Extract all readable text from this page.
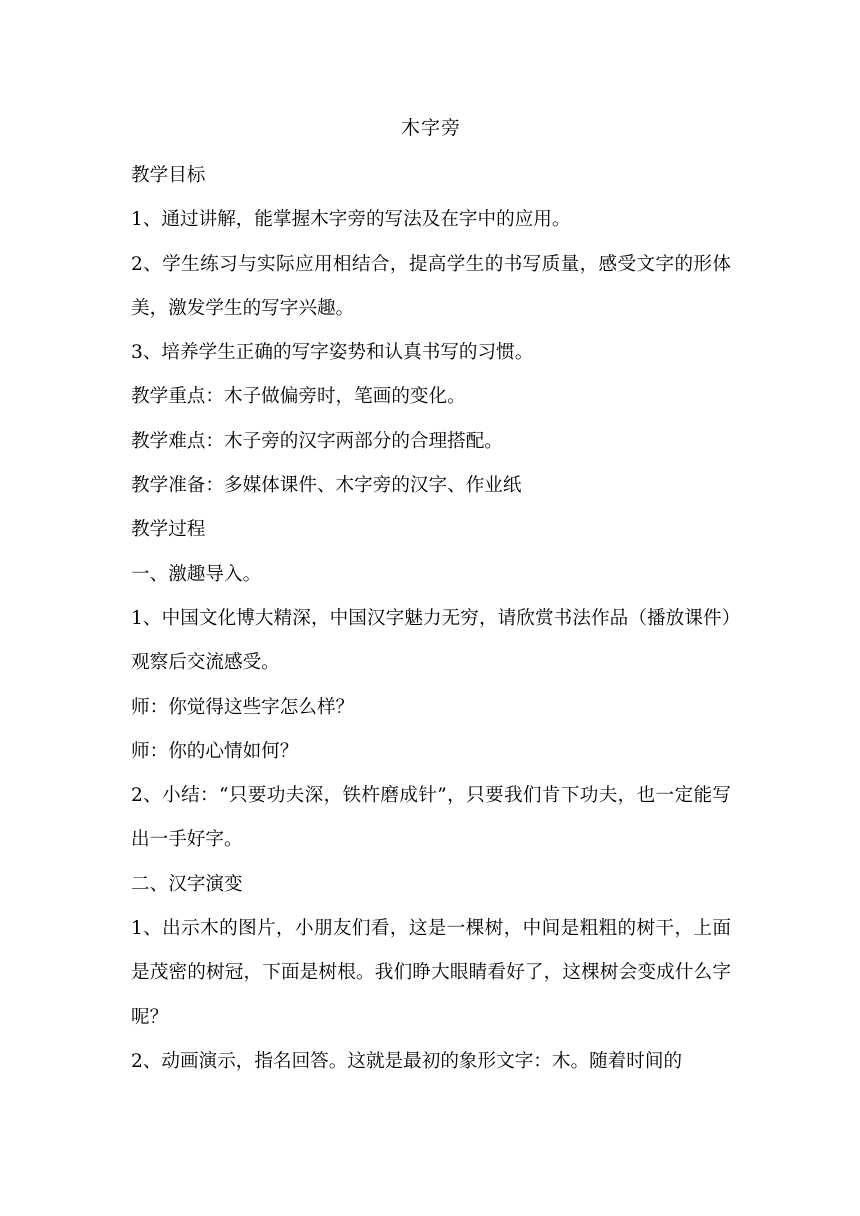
木字旁

教学目标

1、通过讲解，能掌握木字旁的写法及在字中的应用。

2、学生练习与实际应用相结合，提高学生的书写质量，感受文字的形体美，激发学生的写字兴趣。

3、培养学生正确的写字姿势和认真书写的习惯。

教学重点：木子做偏旁时，笔画的变化。

教学难点：木子旁的汉字两部分的合理搭配。

教学准备：多媒体课件、木字旁的汉字、作业纸

教学过程

一、激趣导入。

1、中国文化博大精深，中国汉字魅力无穷，请欣赏书法作品（播放课件）观察后交流感受。

师：你觉得这些字怎么样？

师：你的心情如何？

2、小结：“只要功夫深，铁杵磨成针”，只要我们肯下功夫，也一定能写出一手好字。

二、汉字演变

1、出示木的图片，小朋友们看，这是一棵树，中间是粗粗的树干，上面是茂密的树冠，下面是树根。我们睁大眼睛看好了，这棵树会变成什么字呢？

2、动画演示，指名回答。这就是最初的象形文字：木。随着时间的
